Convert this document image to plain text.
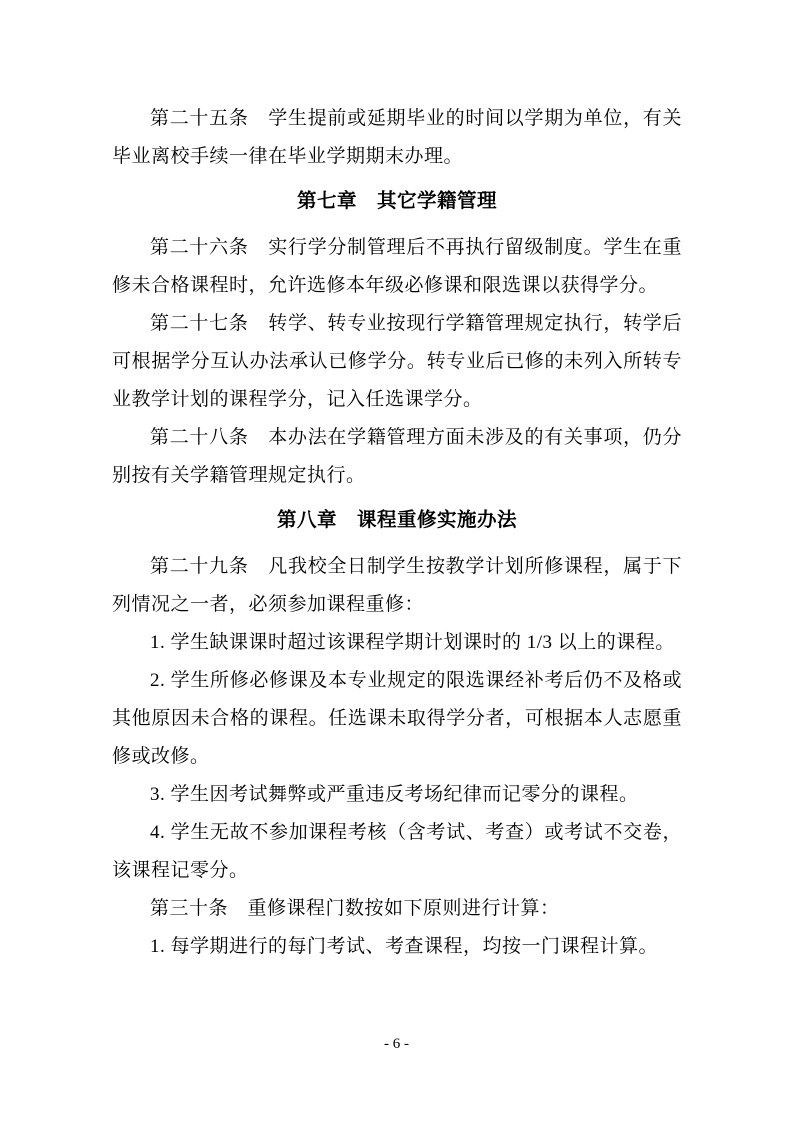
第二十五条　学生提前或延期毕业的时间以学期为单位，有关毕业离校手续一律在毕业学期期末办理。

第七章　其它学籍管理

第二十六条　实行学分制管理后不再执行留级制度。学生在重修未合格课程时，允许选修本年级必修课和限选课以获得学分。

第二十七条　转学、转专业按现行学籍管理规定执行，转学后可根据学分互认办法承认已修学分。转专业后已修的未列入所转专业教学计划的课程学分，记入任选课学分。

第二十八条　本办法在学籍管理方面未涉及的有关事项，仍分别按有关学籍管理规定执行。

第八章　课程重修实施办法

第二十九条　凡我校全日制学生按教学计划所修课程，属于下列情况之一者，必须参加课程重修：

1. 学生缺课课时超过该课程学期计划课时的 1/3 以上的课程。

2. 学生所修必修课及本专业规定的限选课经补考后仍不及格或其他原因未合格的课程。任选课未取得学分者，可根据本人志愿重修或改修。

3. 学生因考试舞弊或严重违反考场纪律而记零分的课程。

4. 学生无故不参加课程考核（含考试、考查）或考试不交卷，该课程记零分。

第三十条　重修课程门数按如下原则进行计算：

1. 每学期进行的每门考试、考查课程，均按一门课程计算。

- 6 -
